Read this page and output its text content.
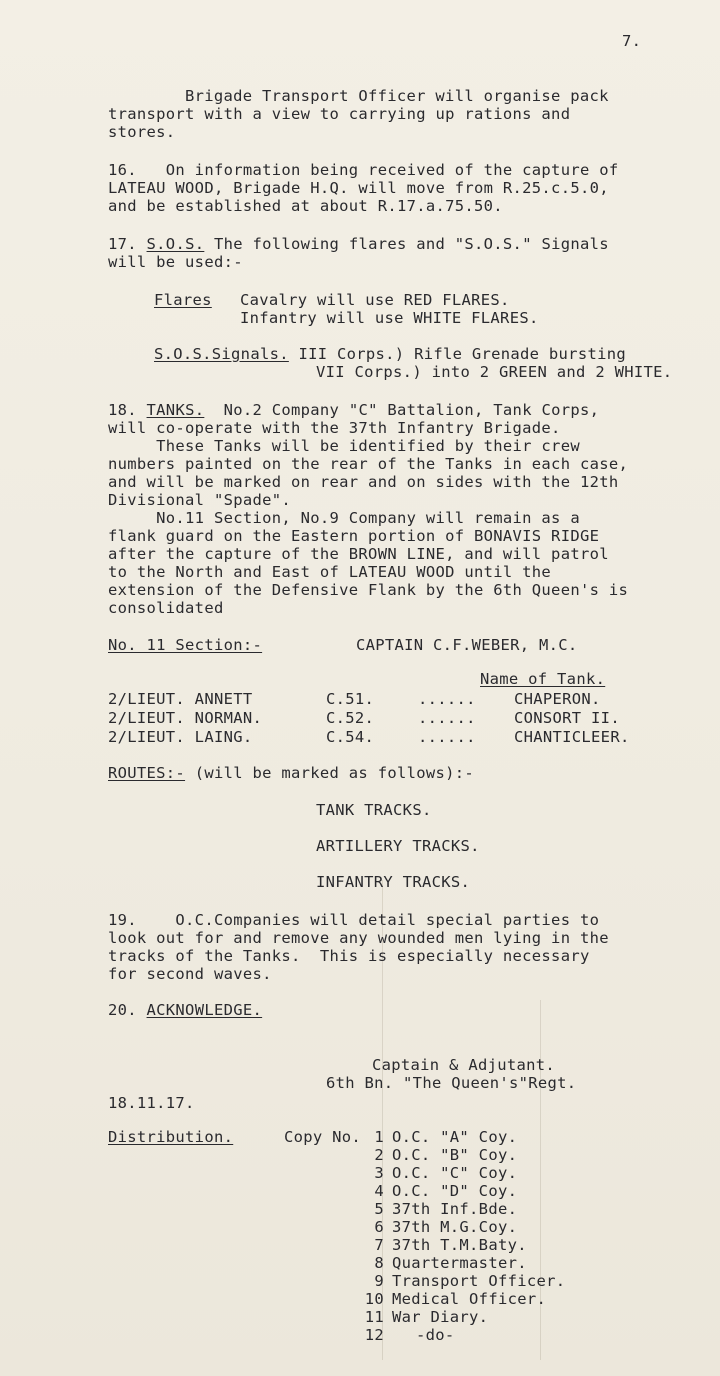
7.
Brigade Transport Officer will organise pack
transport with a view to carrying up rations and
stores.
16.   On information being received of the capture of
LATEAU WOOD, Brigade H.Q. will move from R.25.c.5.0,
and be established at about R.17.a.75.50.
17. S.O.S. The following flares and "S.O.S." Signals
will be used:-
Flares Cavalry will use RED FLARES.
Infantry will use WHITE FLARES.
S.O.S.Signals. III Corps.) Rifle Grenade bursting
VII Corps.) into 2 GREEN and 2 WHITE.
18. TANKS.  No.2 Company "C" Battalion, Tank Corps,
will co-operate with the 37th Infantry Brigade.
These Tanks will be identified by their crew
numbers painted on the rear of the Tanks in each case,
and will be marked on rear and on sides with the 12th
Divisional "Spade".
No.11 Section, No.9 Company will remain as a
flank guard on the Eastern portion of BONAVIS RIDGE
after the capture of the BROWN LINE, and will patrol
to the North and East of LATEAU WOOD until the
extension of the Defensive Flank by the 6th Queen's is
consolidated
No. 11 Section:-	CAPTAIN C.F.WEBER, M.C.
Name of Tank.
2/LIEUT. ANNETT	C.51.	...... CHAPERON.
2/LIEUT. NORMAN.	C.52.	...... CONSORT II.
2/LIEUT. LAING.	C.54.	...... CHANTICLEER.
ROUTES:- (will be marked as follows):-
TANK TRACKS.
ARTILLERY TRACKS.
INFANTRY TRACKS.
19.    O.C.Companies will detail special parties to
look out for and remove any wounded men lying in the
tracks of the Tanks.  This is especially necessary
for second waves.
20. ACKNOWLEDGE.
Captain & Adjutant.
6th Bn. "The Queen's"Regt.
18.11.17.
Distribution.	Copy No. 1 O.C. "A" Coy.
2 O.C. "B" Coy.
3 O.C. "C" Coy.
4 O.C. "D" Coy.
5 37th Inf.Bde.
6 37th M.G.Coy.
7 37th T.M.Baty.
8 Quartermaster.
9 Transport Officer.
10 Medical Officer.
11 War Diary.
12 -do-
